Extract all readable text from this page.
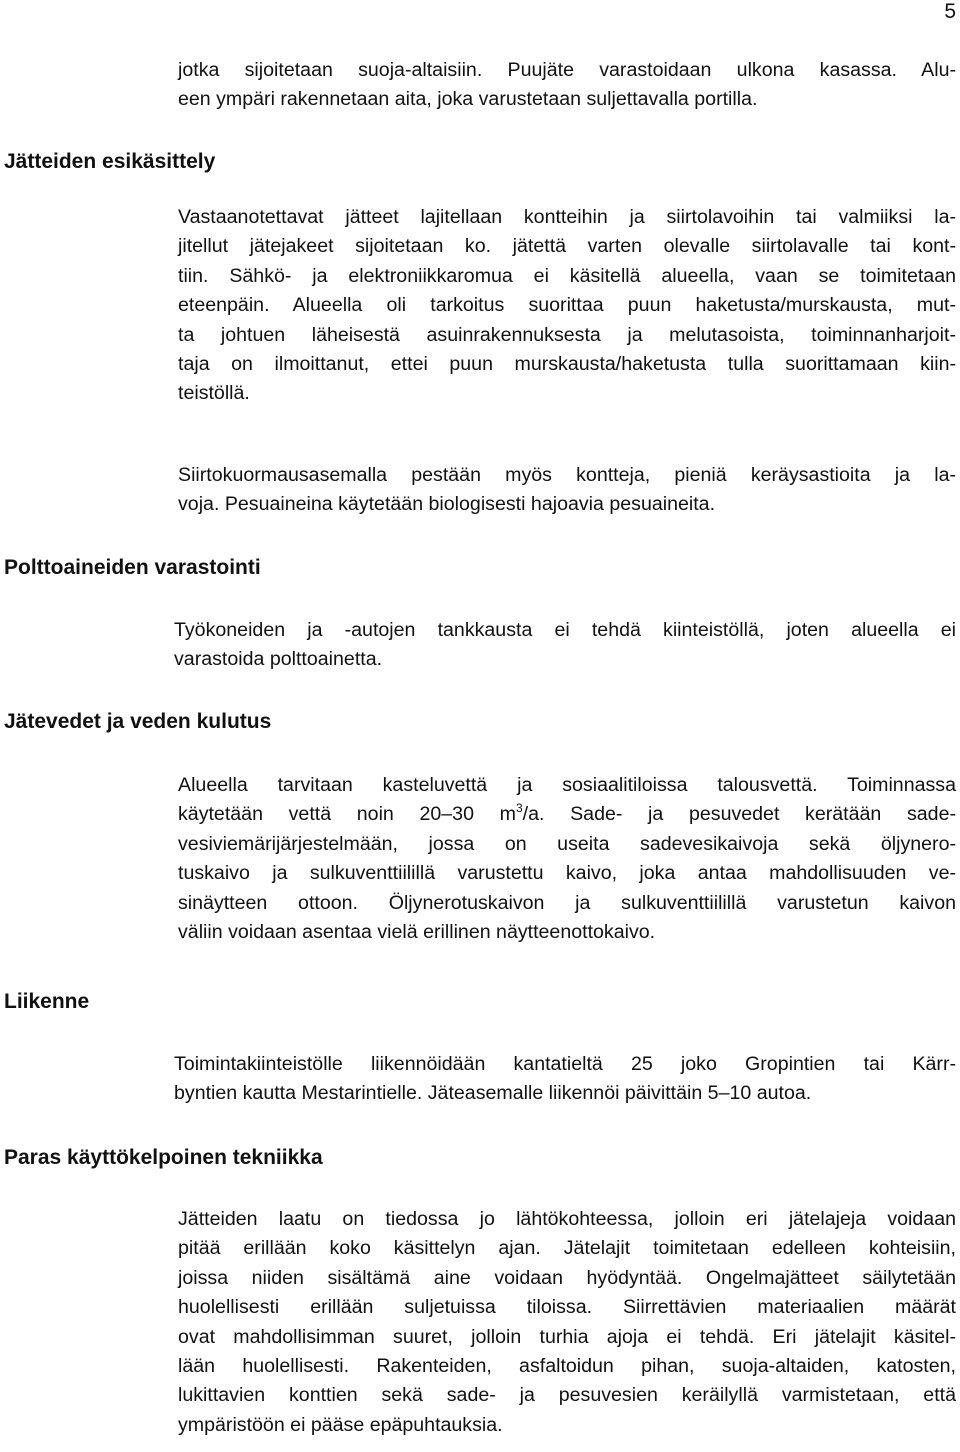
5
jotka sijoitetaan suoja-altaisiin. Puujäte varastoidaan ulkona kasassa. Alu-
een ympäri rakennetaan aita, joka varustetaan suljettavalla portilla.
Jätteiden esikäsittely
Vastaanotettavat jätteet lajitellaan kontteihin ja siirtolavoihin tai valmiiksi la-
jitellut jätejakeet sijoitetaan ko. jätettä varten olevalle siirtolavalle tai kont-
tiin. Sähkö- ja elektroniikkaromua ei käsitellä alueella, vaan se toimitetaan
eteenpäin. Alueella oli tarkoitus suorittaa puun haketusta/murskausta, mut-
ta johtuen läheisestä asuinrakennuksesta ja melutasoista, toiminnanharjoit-
taja on ilmoittanut, ettei puun murskausta/haketusta tulla suorittamaan kiin-
teistöllä.
Siirtokuormausasemalla pestään myös kontteja, pieniä keräysastioita ja la-
voja. Pesuaineina käytetään biologisesti hajoavia pesuaineita.
Polttoaineiden varastointi
Työkoneiden ja -autojen tankkausta ei tehdä kiinteistöllä, joten alueella ei
varastoida polttoainetta.
Jätevedet ja veden kulutus
Alueella tarvitaan kasteluvettä ja sosiaalitiloissa talousvettä. Toiminnassa
käytetään vettä noin 20–30 $m^3/a$. Sade- ja pesuvedet kerätään sade-
vesiviemärijärjestelmään, jossa on useita sadevesikaivoja sekä öljynero-
tuskaivo ja sulkuventtiilillä varustettu kaivo, joka antaa mahdollisuuden ve-
sinäytteen ottoon. Öljynerotuskaivon ja sulkuventtiilillä varustetun kaivon
väliin voidaan asentaa vielä erillinen näytteenottokaivo.
Liikenne
Toimintakiinteistölle liikennöidään kantatieltä 25 joko Gropintien tai Kärr-
byntien kautta Mestarintielle. Jäteasemalle liikennöi päivittäin 5–10 autoa.
Paras käyttökelpoinen tekniikka
Jätteiden laatu on tiedossa jo lähtökohteessa, jolloin eri jätelajeja voidaan
pitää erillään koko käsittelyn ajan. Jätelajit toimitetaan edelleen kohteisiin,
joissa niiden sisältämä aine voidaan hyödyntää. Ongelmajätteet säilytetään
huolellisesti erillään suljetuissa tiloissa. Siirrettävien materiaalien määrät
ovat mahdollisimman suuret, jolloin turhia ajoja ei tehdä. Eri jätelajit käsitel-
lään huolellisesti. Rakenteiden, asfaltoidun pihan, suoja-altaiden, katosten,
lukittavien konttien sekä sade- ja pesuvesien keräilyllä varmistetaan, että
ympäristöön ei pääse epäpuhtauksia.
